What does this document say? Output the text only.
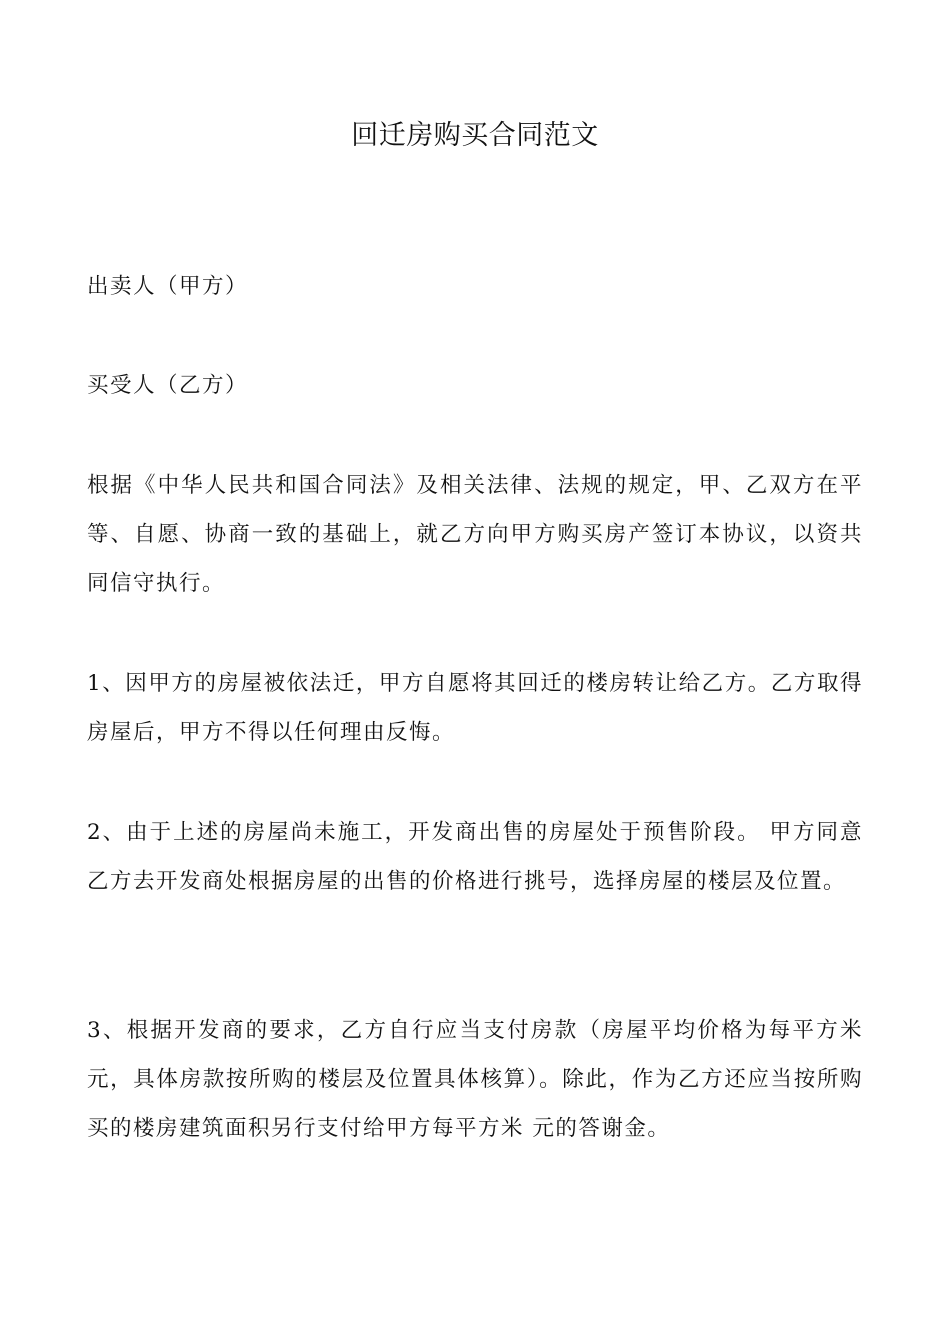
回迁房购买合同范文

出卖人（甲方）

买受人（乙方）

根据《中华人民共和国合同法》及相关法律、法规的规定，甲、乙双方在平等、自愿、协商一致的基础上，就乙方向甲方购买房产签订本协议，以资共同信守执行。

1、因甲方的房屋被依法迁，甲方自愿将其回迁的楼房转让给乙方。乙方取得房屋后，甲方不得以任何理由反悔。

2、由于上述的房屋尚未施工，开发商出售的房屋处于预售阶段。 甲方同意乙方去开发商处根据房屋的出售的价格进行挑号，选择房屋的楼层及位置。

3、根据开发商的要求，乙方自行应当支付房款（房屋平均价格为每平方米元，具体房款按所购的楼层及位置具体核算）。除此，作为乙方还应当按所购买的楼房建筑面积另行支付给甲方每平方米 元的答谢金。
